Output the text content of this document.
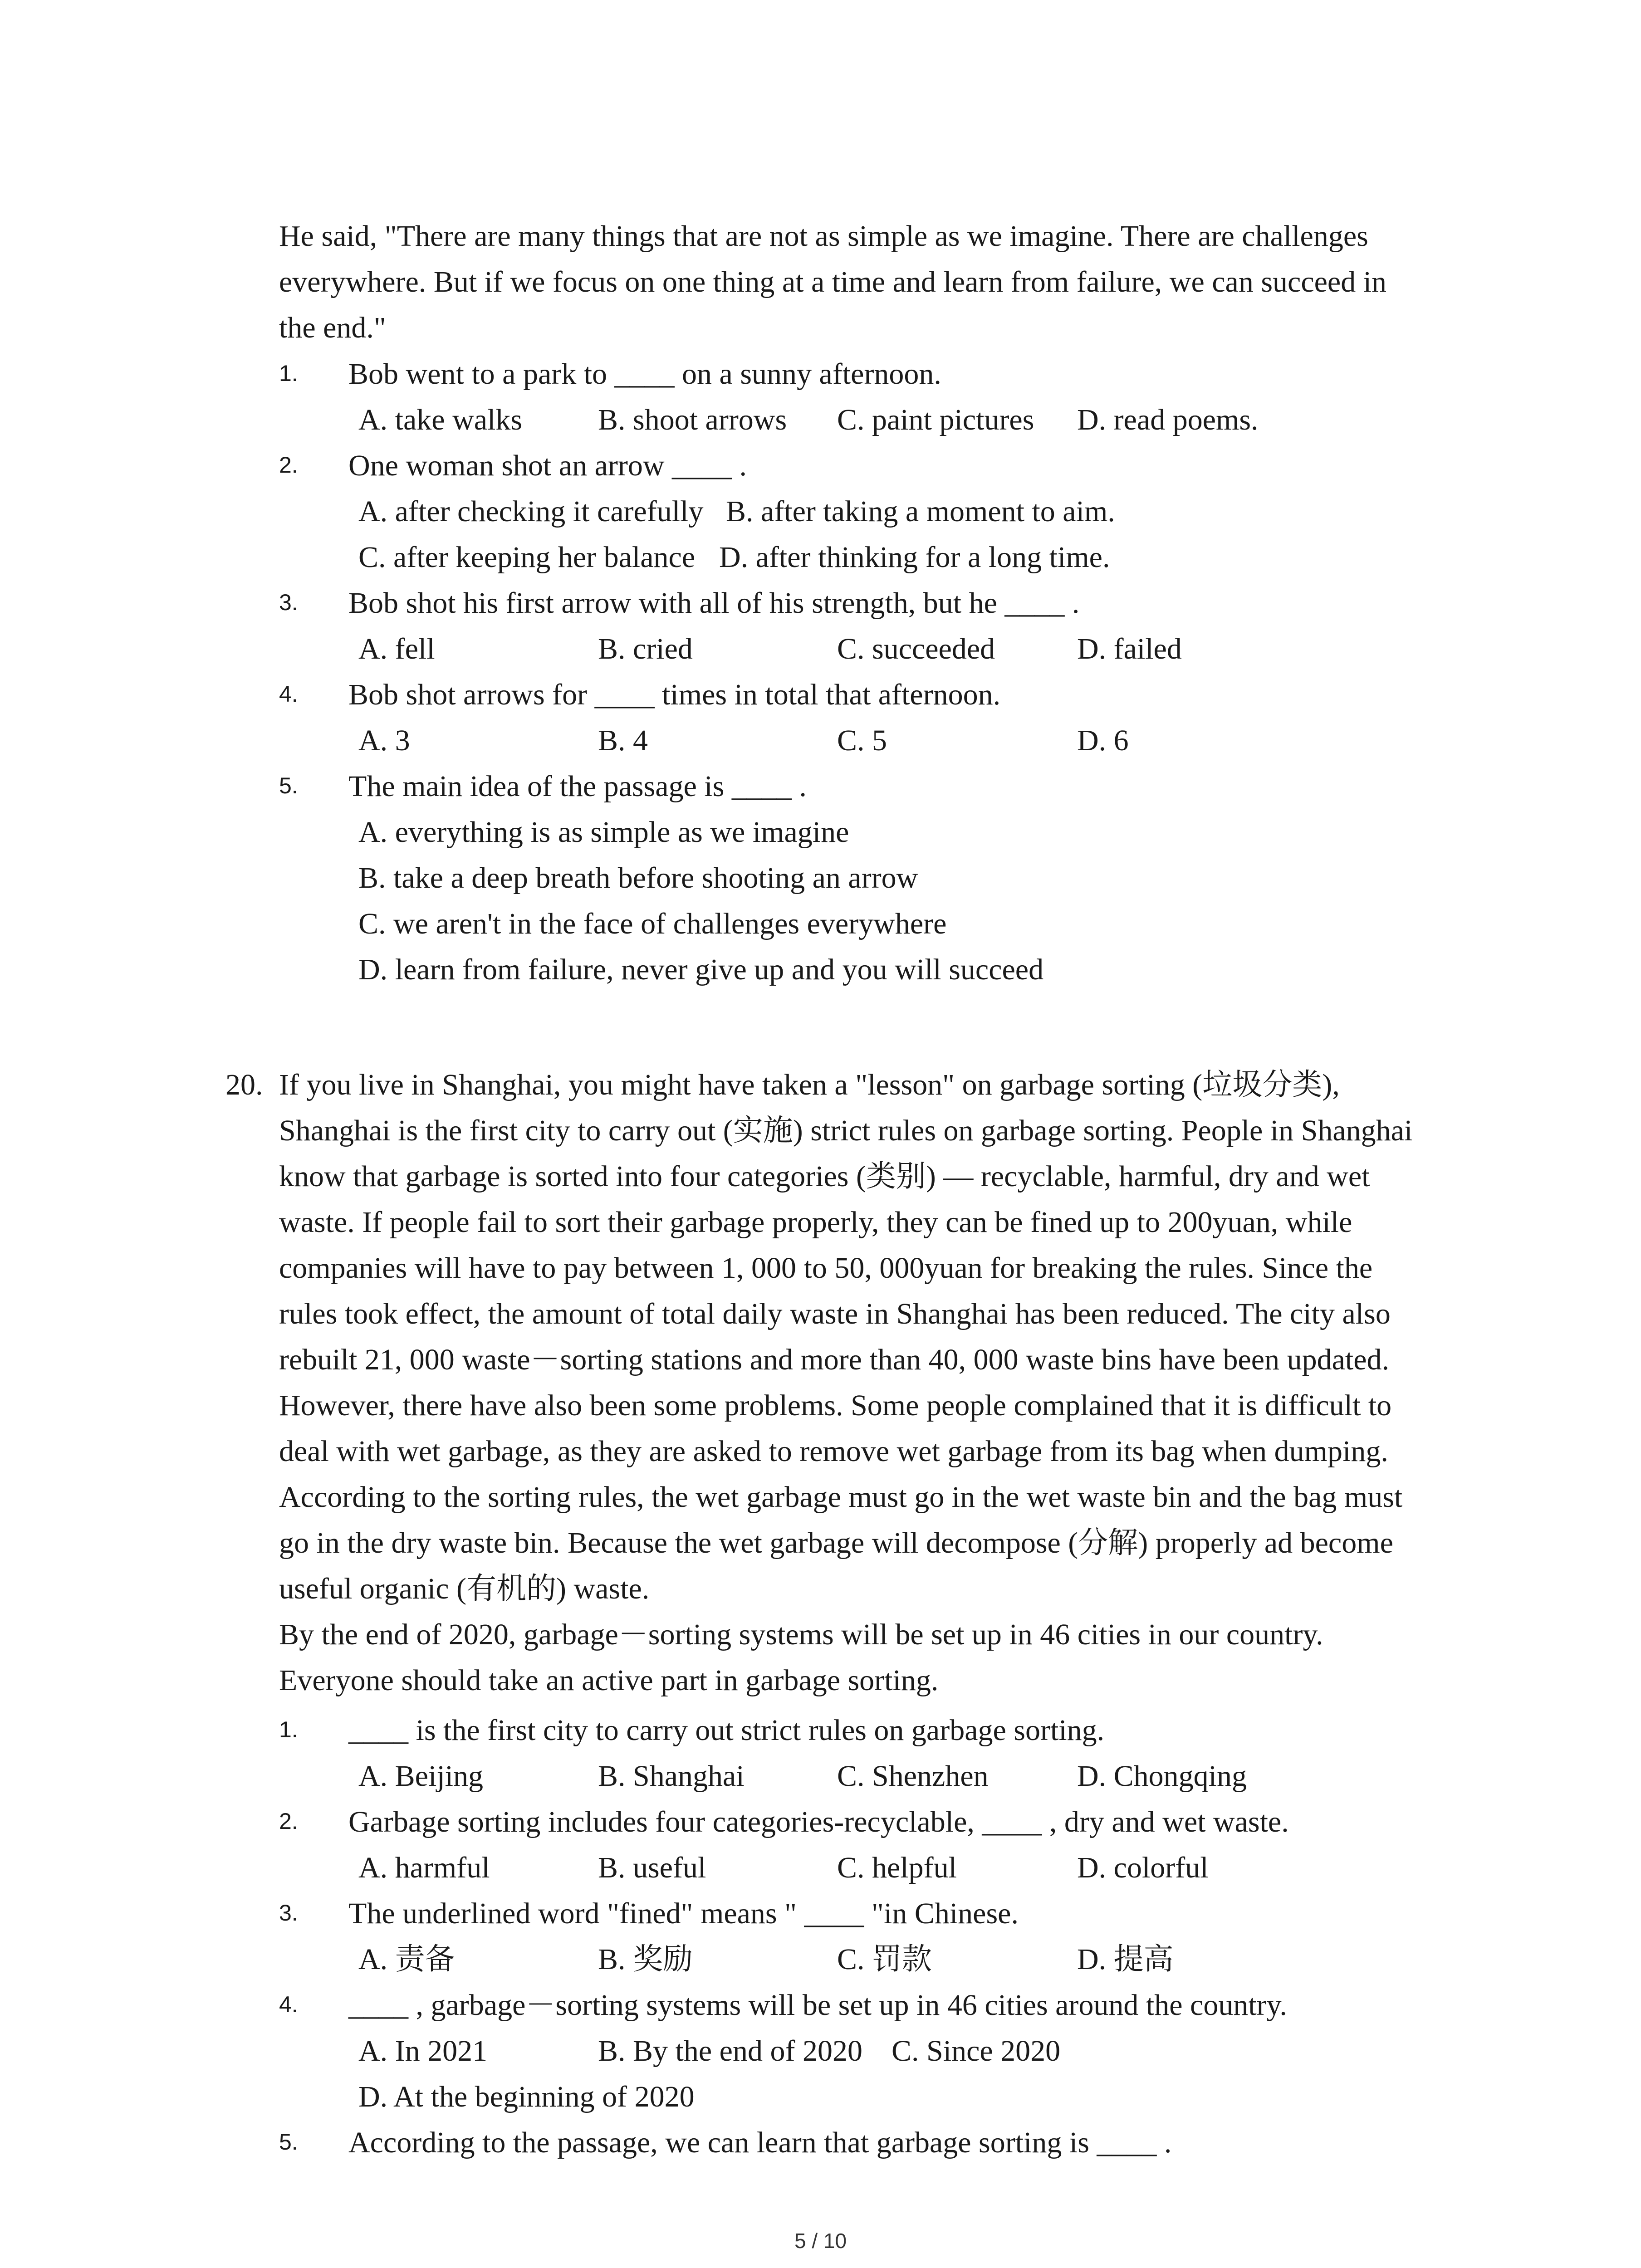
He said, "There are many things that are not as simple as we imagine. There are challenges
everywhere. But if we focus on one thing at a time and learn from failure, we can succeed in
the end."

1. Bob went to a park to ____ on a sunny afternoon.
A. take walks	B. shoot arrows C. paint pictures D. read poems.
2. One woman shot an arrow ____ .
A. after checking it carefully B. after taking a moment to aim.
C. after keeping her balance D. after thinking for a long time.
3. Bob shot his first arrow with all of his strength, but he ____ .
A. fell	B. cried	C. succeeded	D. failed
4. Bob shot arrows for ____ times in total that afternoon.
A. 3	B. 4	C. 5	D. 6
5. The main idea of the passage is ____ .
A. everything is as simple as we imagine
B. take a deep breath before shooting an arrow
C. we aren't in the face of challenges everywhere
D. learn from failure, never give up and you will succeed
20. If you live in Shanghai, you might have taken a "lesson" on garbage sorting (垃圾分类),
Shanghai is the first city to carry out (实施) strict rules on garbage sorting. People in Shanghai
know that garbage is sorted into four categories (类别) — recyclable, harmful, dry and wet
waste. If people fail to sort their garbage properly, they can be fined up to 200yuan, while
companies will have to pay between 1, 000 to 50, 000yuan for breaking the rules. Since the
rules took effect, the amount of total daily waste in Shanghai has been reduced. The city also
rebuilt 21, 000 waste－sorting stations and more than 40, 000 waste bins have been updated.
However, there have also been some problems. Some people complained that it is difficult to
deal with wet garbage, as they are asked to remove wet garbage from its bag when dumping.
According to the sorting rules, the wet garbage must go in the wet waste bin and the bag must
go in the dry waste bin. Because the wet garbage will decompose (分解) properly ad become
useful organic (有机的) waste.
By the end of 2020, garbage－sorting systems will be set up in 46 cities in our country.
Everyone should take an active part in garbage sorting.

1. ____ is the first city to carry out strict rules on garbage sorting.
A. Beijing	B. Shanghai	C. Shenzhen	D. Chongqing
2. Garbage sorting includes four categories-recyclable, ____ , dry and wet waste.
A. harmful	B. useful	C. helpful	D. colorful
3. The underlined word "fined" means " ____ "in Chinese.
A. 责备	B. 奖励	C. 罚款	D. 提高
4. ____ , garbage－sorting systems will be set up in 46 cities around the country.
A. In 2021	B. By the end of 2020 C. Since 2020
D. At the beginning of 2020
5. According to the passage, we can learn that garbage sorting is ____ .
5 / 10
